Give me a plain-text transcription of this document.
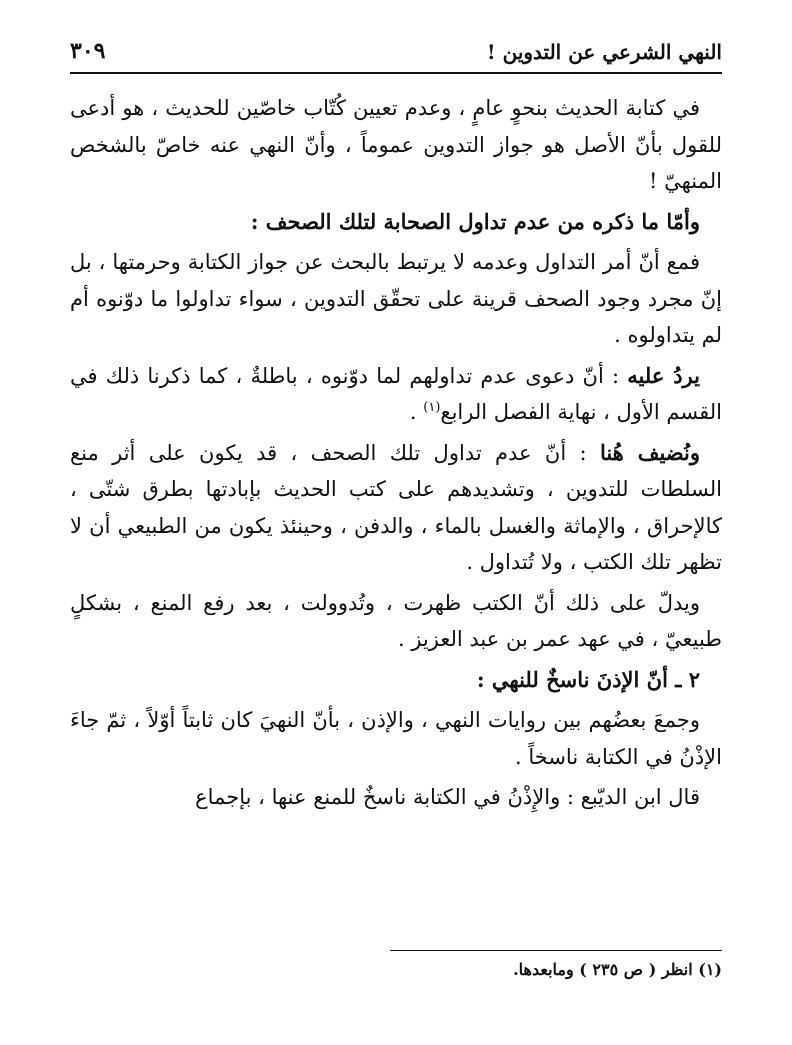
النهي الشرعي عن التدوين !
٣٠٩

في كتابة الحديث بنحوٍ عامٍ ، وعدم تعيين كُتّاب خاصّين للحديث ، هو أدعى للقول بأنّ الأصل هو جواز التدوين عموماً ، وأنّ النهي عنه خاصّ بالشخص المنهيّ !

وأمّا ما ذكره من عدم تداول الصحابة لتلك الصحف :

فمع أنّ أمر التداول وعدمه لا يرتبط بالبحث عن جواز الكتابة وحرمتها ، بل إنّ مجرد وجود الصحف قرينة على تحقّق التدوين ، سواء تداولوا ما دوّنوه أم لم يتداولوه .

يردُ عليه : أنّ دعوى عدم تداولهم لما دوّنوه ، باطلةٌ ، كما ذكرنا ذلك في القسم الأول ، نهاية الفصل الرابع$^{(١)}$ .

ونُضيف هُنا : أنّ عدم تداول تلك الصحف ، قد يكون على أثر منع السلطات للتدوين ، وتشديدهم على كتب الحديث بإبادتها بطرق شتّى ، كالإحراق ، والإماثة والغسل بالماء ، والدفن ، وحينئذ يكون من الطبيعي أن لا تظهر تلك الكتب ، ولا تُتداول .

ويدلّ على ذلك أنّ الكتب ظهرت ، وتُدوولت ، بعد رفع المنع ، بشكلٍ طبيعيّ ، في عهد عمر بن عبد العزيز .

٢ ـ أنّ الإذنَ ناسخٌ للنهي :

وجمعَ بعضُهم بين روايات النهي ، والإذن ، بأنّ النهيَ كان ثابتاً أوّلاً ، ثمّ جاءَ الإذْنُ في الكتابة ناسخاً .

قال ابن الديّبع : والإِذْنُ في الكتابة ناسخٌ للمنع عنها ، بإجماع

(١) انظر ( ص ٢٣٥ ) ومابعدها.
